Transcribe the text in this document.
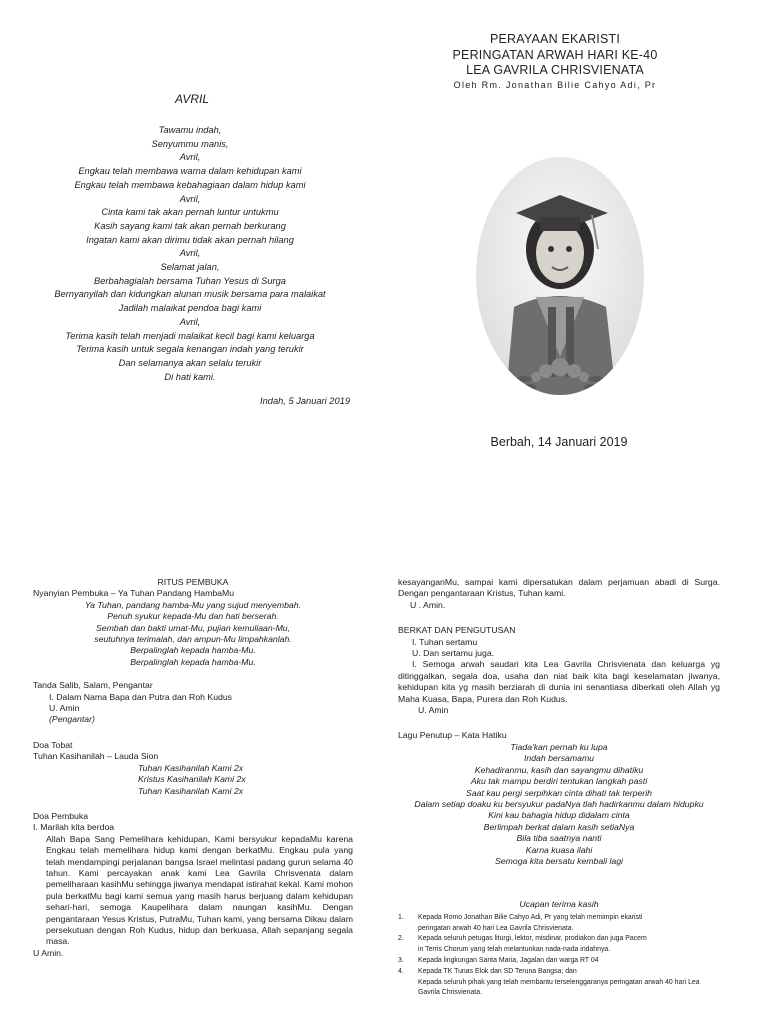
AVRIL
Tawamu indah,
Senyummu manis,
Avril,
Engkau telah membawa warna dalam kehidupan kami
Engkau telah membawa kebahagiaan dalam hidup kami
Avril,
Cinta kami tak akan pernah luntur untukmu
Kasih sayang kami tak akan pernah berkurang
Ingatan kami akan dirimu tidak akan pernah hilang
Avril,
Selamat jalan,
Berbahagialah bersama Tuhan Yesus di Surga
Bernyanyilah dan kidungkan alunan musik bersama para malaikat
Jadilah malaikat pendoa bagi kami
Avril,
Terima kasih telah menjadi malaikat kecil bagi kami keluarga
Terima kasih untuk segala kenangan indah yang terukir
Dan selamanya akan selalu terukir
Di hati kami.
Indah, 5 Januari 2019
PERAYAAN EKARISTI
PERINGATAN ARWAH HARI KE-40
LEA GAVRILA CHRISVIENATA
Oleh Rm. Jonathan Bilie Cahyo Adi, Pr
Berbah, 14 Januari 2019
RITUS PEMBUKA
Nyanyian Pembuka – Ya Tuhan Pandang HambaMu
Ya Tuhan, pandang hamba-Mu yang sujud menyembah.
Penuh syukur kepada-Mu dan hati berserah.
Sembah dan bakti umat-Mu, pujian kemuliaan-Mu,
seutuhnya terimalah, dan ampun-Mu limpahkanlah.
Berpalinglah kepada hamba-Mu.
Berpalinglah kepada hamba-Mu.
Tanda Salib, Salam, Pengantar
I. Dalam Nama Bapa dan Putra dan Roh Kudus
U. Amin
(Pengantar)
Doa Tobat
Tuhan Kasihanilah – Lauda Sion
Tuhan Kasihanilah Kami 2x
Kristus Kasihanilah Kami 2x
Tuhan Kasihanilah Kami 2x
Doa Pembuka
I. Marilah kita berdoa
Allah Bapa Sang Pemelihara kehidupan, Kami bersyukur kepadaMu karena Engkau telah memelihara hidup kami dengan berkatMu. Engkau pula yang telah mendampingi perjalanan bangsa Israel melintasi padang gurun selama 40 tahun. Kami percayakan anak kami Lea Gavrila Chrisvenata dalam pemeliharaan kasihMu sehingga jiwanya mendapat istirahat kekal. Kami mohon pula berkatMu bagi kami semua yang masih harus berjuang dalam kehidupan sehari-hari, semoga Kaupelihara dalam naungan kasihMu. Dengan pengantaraan Yesus Kristus, PutraMu, Tuhan kami, yang bersama Dikau dalam persekutuan dengan Roh Kudus, hidup dan berkuasa, Allah sepanjang segala masa.
U Amin.
kesayanganMu, sampai kami dipersatukan dalam perjamuan abadi di Surga. Dengan pengantaraan Kristus, Tuhan kami.
U . Amin.
BERKAT DAN PENGUTUSAN
I. Tuhan sertamu
U. Dan sertamu juga.
I. Semoga arwah saudari kita Lea Gavrila Chrisvienata dan keluarga yg ditinggalkan, segala doa, usaha dan niat baik kita bagi keselamatan jiwanya, kehidupan kita yg masih berziarah di dunia ini senantiasa diberkati oleh Allah yg Maha Kuasa, Bapa, Purera dan Roh Kudus.
U. Amin
Lagu Penutup – Kata Hatiku
Tiada'kan pernah ku lupa
Indah bersamamu
Kehadiranmu, kasih dan sayangmu dihatiku
Aku tak mampu berdiri tentukan langkah pasti
Saat kau pergi serpihkan cinta dihati tak terperih
Dalam setiap doaku ku bersyukur padaNya tlah hadirkanmu dalam hidupku
Kini kau bahagia hidup didalam cinta
Berlimpah berkat dalam kasih setiaNya
Bila tiba saatnya nanti
Karna kuasa ilahi
Semoga kita bersatu kembali lagi
Ucapan terima kasih
1.	Kepada Romo Jonathan Bilie Cahyo Adi, Pr yang telah memimpin ekaristi
peringatan arwah 40 hari Lea Gavrila Chrisvienata.
2.	Kepada seluruh petugas liturgi, lektor, misdinar, prodiakon dan juga Pacem
in Terris Chorum yang telah melantunkan nada-nada indahnya.
3.	Kepada lingkungan Santa Maria, Jagalan dan warga RT 04
4.	Kepada TK Tunas Elok dan SD Teruna Bangsa; dan
Kepada seluruh pihak yang telah membantu terselenggaranya peringatan arwah 40 hari Lea Gavrila Chrisvienata.
